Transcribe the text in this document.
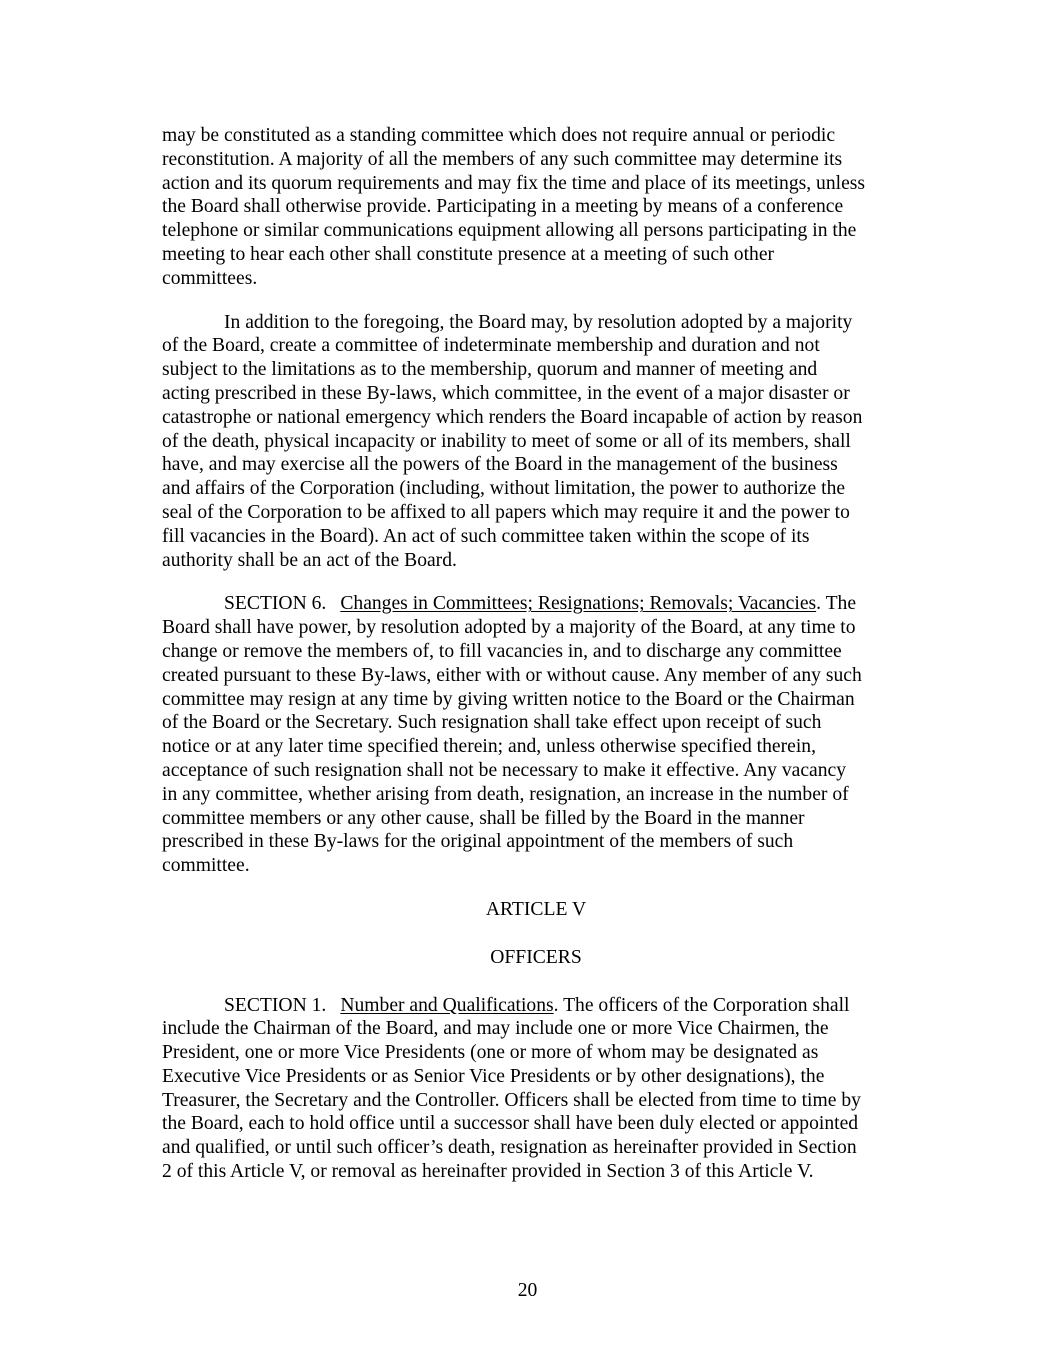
may be constituted as a standing committee which does not require annual or periodic
reconstitution. A majority of all the members of any such committee may determine its
action and its quorum requirements and may fix the time and place of its meetings, unless
the Board shall otherwise provide. Participating in a meeting by means of a conference
telephone or similar communications equipment allowing all persons participating in the
meeting to hear each other shall constitute presence at a meeting of such other
committees.

In addition to the foregoing, the Board may, by resolution adopted by a majority
of the Board, create a committee of indeterminate membership and duration and not
subject to the limitations as to the membership, quorum and manner of meeting and
acting prescribed in these By-laws, which committee, in the event of a major disaster or
catastrophe or national emergency which renders the Board incapable of action by reason
of the death, physical incapacity or inability to meet of some or all of its members, shall
have, and may exercise all the powers of the Board in the management of the business
and affairs of the Corporation (including, without limitation, the power to authorize the
seal of the Corporation to be affixed to all papers which may require it and the power to
fill vacancies in the Board). An act of such committee taken within the scope of its
authority shall be an act of the Board.

SECTION 6. Changes in Committees; Resignations; Removals; Vacancies. The
Board shall have power, by resolution adopted by a majority of the Board, at any time to
change or remove the members of, to fill vacancies in, and to discharge any committee
created pursuant to these By-laws, either with or without cause. Any member of any such
committee may resign at any time by giving written notice to the Board or the Chairman
of the Board or the Secretary. Such resignation shall take effect upon receipt of such
notice or at any later time specified therein; and, unless otherwise specified therein,
acceptance of such resignation shall not be necessary to make it effective. Any vacancy
in any committee, whether arising from death, resignation, an increase in the number of
committee members or any other cause, shall be filled by the Board in the manner
prescribed in these By-laws for the original appointment of the members of such
committee.

ARTICLE V

OFFICERS

SECTION 1. Number and Qualifications. The officers of the Corporation shall
include the Chairman of the Board, and may include one or more Vice Chairmen, the
President, one or more Vice Presidents (one or more of whom may be designated as
Executive Vice Presidents or as Senior Vice Presidents or by other designations), the
Treasurer, the Secretary and the Controller. Officers shall be elected from time to time by
the Board, each to hold office until a successor shall have been duly elected or appointed
and qualified, or until such officer’s death, resignation as hereinafter provided in Section
2 of this Article V, or removal as hereinafter provided in Section 3 of this Article V.

20
